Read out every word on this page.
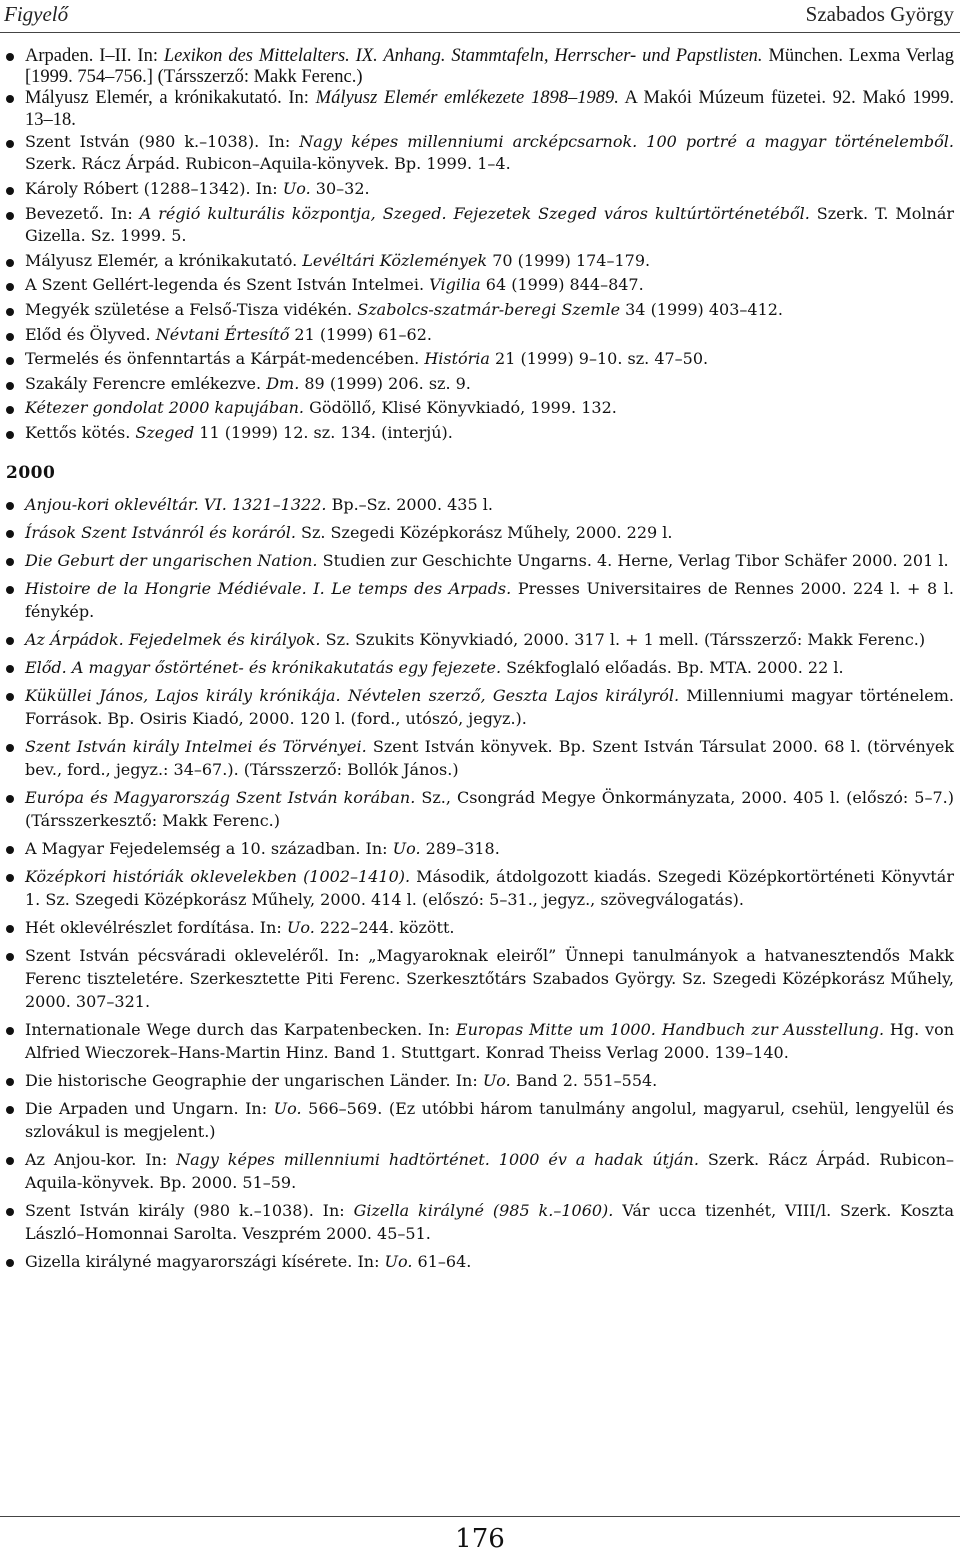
Figyelő	Szabados György
Arpaden. I–II. In: Lexikon des Mittelalters. IX. Anhang. Stammtafeln, Herrscher- und Papstlisten. München. Lexma Verlag [1999. 754–756.] (Társszerző: Makk Ferenc.)
Mályusz Elemér, a krónikakutató. In: Mályusz Elemér emlékezete 1898–1989. A Makói Múzeum füzetei. 92. Makó 1999. 13–18.
Szent István (980 k.–1038). In: Nagy képes millenniumi arcképcsarnok. 100 portré a magyar történelemből. Szerk. Rácz Árpád. Rubicon–Aquila-könyvek. Bp. 1999. 1–4.
Károly Róbert (1288–1342). In: Uo. 30–32.
Bevezető. In: A régió kulturális központja, Szeged. Fejezetek Szeged város kultúrtörténetéből. Szerk. T. Molnár Gizella. Sz. 1999. 5.
Mályusz Elemér, a krónikakutató. Levéltári Közlemények 70 (1999) 174–179.
A Szent Gellért-legenda és Szent István Intelmei. Vigilia 64 (1999) 844–847.
Megyék születése a Felső-Tisza vidékén. Szabolcs-szatmár-beregi Szemle 34 (1999) 403–412.
Előd és Ölyved. Névtani Értesítő 21 (1999) 61–62.
Termelés és önfenntartás a Kárpát-medencében. História 21 (1999) 9–10. sz. 47–50.
Szakály Ferencre emlékezve. Dm. 89 (1999) 206. sz. 9.
Kétezer gondolat 2000 kapujában. Gödöllő, Klisé Könyvkiadó, 1999. 132.
Kettős kötés. Szeged 11 (1999) 12. sz. 134. (interjú).
2000
Anjou-kori oklevéltár. VI. 1321–1322. Bp.–Sz. 2000. 435 l.
Írások Szent Istvánról és koráról. Sz. Szegedi Középkorász Műhely, 2000. 229 l.
Die Geburt der ungarischen Nation. Studien zur Geschichte Ungarns. 4. Herne, Verlag Tibor Schäfer 2000. 201 l.
Histoire de la Hongrie Médiévale. I. Le temps des Arpads. Presses Universitaires de Rennes 2000. 224 l. + 8 l. fénykép.
Az Árpádok. Fejedelmek és királyok. Sz. Szukits Könyvkiadó, 2000. 317 l. + 1 mell. (Társszerző: Makk Ferenc.)
Előd. A magyar őstörténet- és krónikakutatás egy fejezete. Székfoglaló előadás. Bp. MTA. 2000. 22 l.
Küküllei János, Lajos király krónikája. Névtelen szerző, Geszta Lajos királyról. Millenniumi magyar történelem. Források. Bp. Osiris Kiadó, 2000. 120 l. (ford., utószó, jegyz.).
Szent István király Intelmei és Törvényei. Szent István könyvek. Bp. Szent István Társulat 2000. 68 l. (törvények bev., ford., jegyz.: 34–67.). (Társszerző: Bollók János.)
Európa és Magyarország Szent István korában. Sz., Csongrád Megye Önkormányzata, 2000. 405 l. (előszó: 5–7.) (Társszerkesztő: Makk Ferenc.)
A Magyar Fejedelemség a 10. században. In: Uo. 289–318.
Középkori históriák oklevelekben (1002–1410). Második, átdolgozott kiadás. Szegedi Középkortörténeti Könyvtár 1. Sz. Szegedi Középkorász Műhely, 2000. 414 l. (előszó: 5–31., jegyz., szövegválogatás).
Hét oklevélrészlet fordítása. In: Uo. 222–244. között.
Szent István pécsváradi okleveléről. In: „Magyaroknak eleiről” Ünnepi tanulmányok a hatvanesztendős Makk Ferenc tiszteletére. Szerkesztette Piti Ferenc. Szerkesztőtárs Szabados György. Sz. Szegedi Középkorász Műhely, 2000. 307–321.
Internationale Wege durch das Karpatenbecken. In: Europas Mitte um 1000. Handbuch zur Ausstellung. Hg. von Alfried Wieczorek–Hans-Martin Hinz. Band 1. Stuttgart. Konrad Theiss Verlag 2000. 139–140.
Die historische Geographie der ungarischen Länder. In: Uo. Band 2. 551–554.
Die Arpaden und Ungarn. In: Uo. 566–569. (Ez utóbbi három tanulmány angolul, magyarul, csehül, lengyelül és szlovákul is megjelent.)
Az Anjou-kor. In: Nagy képes millenniumi hadtörténet. 1000 év a hadak útján. Szerk. Rácz Árpád. Rubicon–Aquila-könyvek. Bp. 2000. 51–59.
Szent István király (980 k.–1038). In: Gizella királyné (985 k.–1060). Vár ucca tizenhét, VIII/l. Szerk. Koszta László–Homonnai Sarolta. Veszprém 2000. 45–51.
Gizella királyné magyarországi kísérete. In: Uo. 61–64.
176
